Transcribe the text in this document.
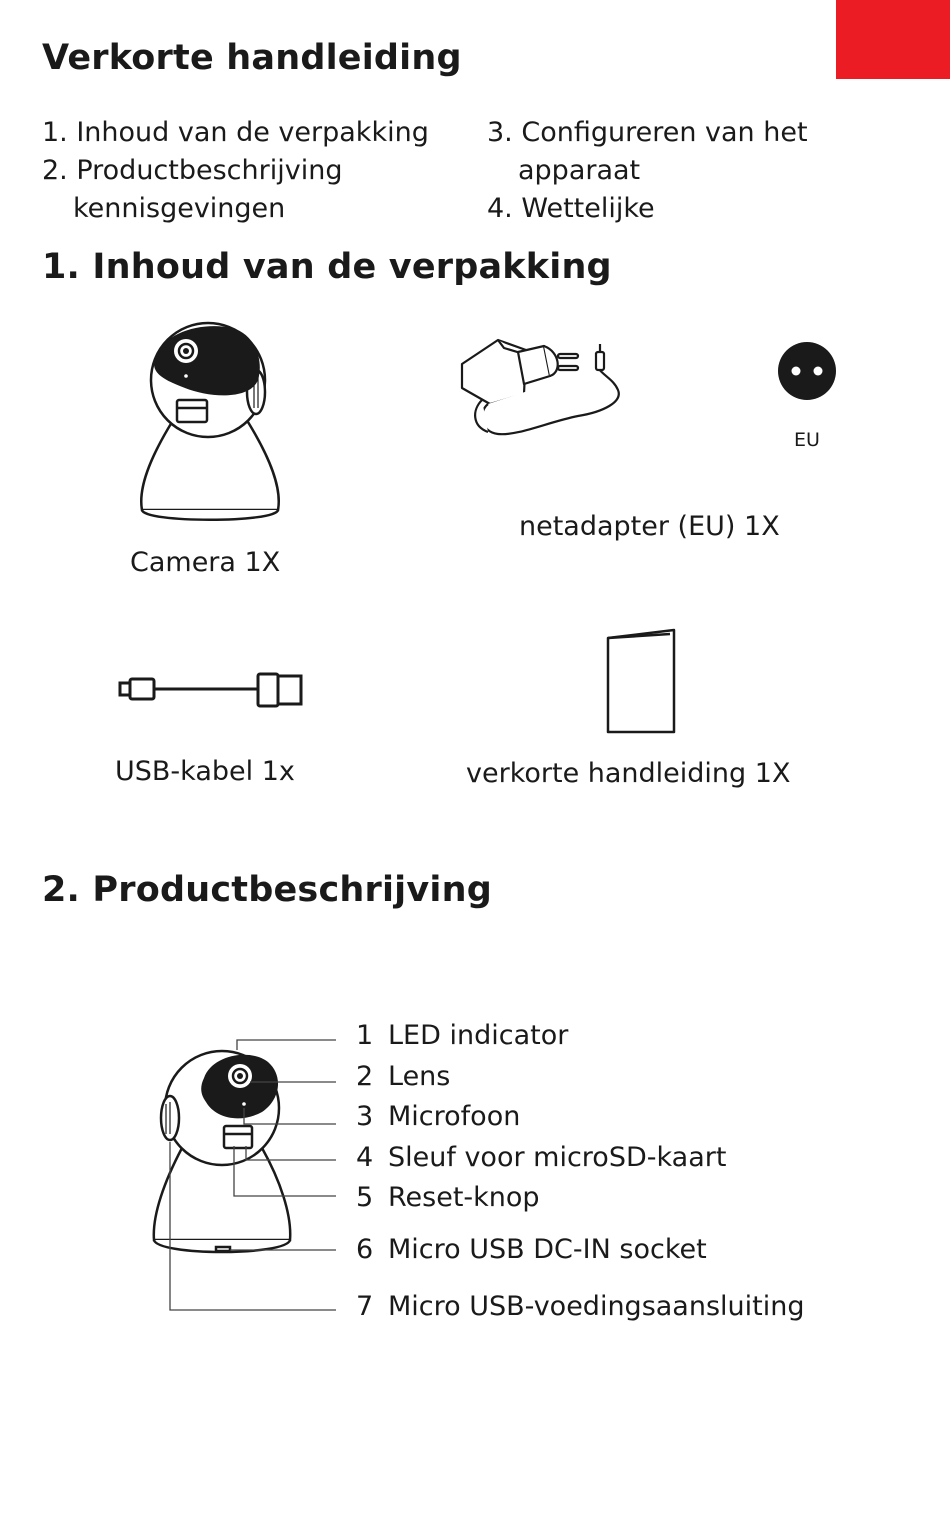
Verkorte handleiding
1. Inhoud van de verpakking
2. Productbeschrijving
kennisgevingen
3. Configureren van het
apparaat
4. Wettelijke
1. Inhoud van de verpakking
Camera 1X
EU
netadapter (EU) 1X
USB-kabel 1x	verkorte handleiding 1X
2. Productbeschrijving
1 LED indicator
2 Lens
3 Microfoon
4 Sleuf voor microSD-kaart
5 Reset-knop
6 Micro USB DC-IN socket
7 Micro USB-voedingsaansluiting
